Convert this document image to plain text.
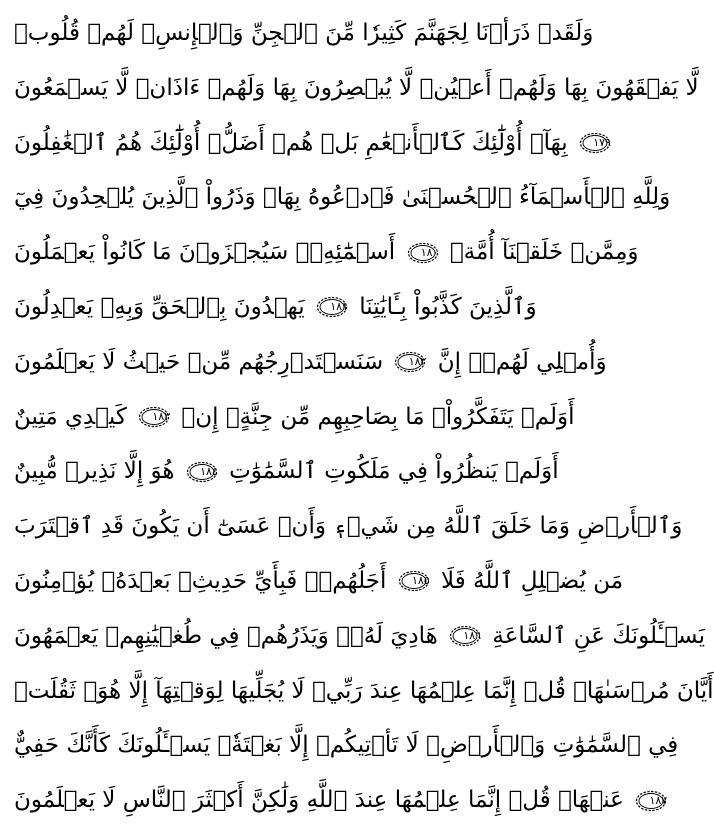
وَلَقَدۡ ذَرَأۡنَا لِجَهَنَّمَ كَثِيرٗا مِّنَ ٱلۡجِنِّ وَٱلۡإِنسِۖ لَهُمۡ قُلُوبٞ
لَّا يَفۡقَهُونَ بِهَا وَلَهُمۡ أَعۡيُنٞ لَّا يُبۡصِرُونَ بِهَا وَلَهُمۡ ءَاذَانٞ لَّا يَسۡمَعُونَ
بِهَآۚ أُوْلَٰٓئِكَ كَٱلۡأَنۡعَٰمِ بَلۡ هُمۡ أَضَلُّۚ أُوْلَٰٓئِكَ هُمُ ٱلۡغَٰفِلُونَ	١٧٩
وَلِلَّهِ ٱلۡأَسۡمَآءُ ٱلۡحُسۡنَىٰ فَٱدۡعُوهُ بِهَاۖ وَذَرُواْ ٱلَّذِينَ يُلۡحِدُونَ فِيٓ
أَسۡمَٰٓئِهِۦۚ سَيُجۡزَوۡنَ مَا كَانُواْ يَعۡمَلُونَ	١٨٠ وَمِمَّنۡ خَلَقۡنَآ أُمَّةٞ
يَهۡدُونَ بِٱلۡحَقِّ وَبِهِۦ يَعۡدِلُونَ	١٨١ وَٱلَّذِينَ كَذَّبُواْ بِـَٔايَٰتِنَا
سَنَسۡتَدۡرِجُهُم مِّنۡ حَيۡثُ لَا يَعۡلَمُونَ	١٨٢ وَأُمۡلِي لَهُمۡۚ إِنَّ
كَيۡدِي مَتِينٌ	١٨٣ أَوَلَمۡ يَتَفَكَّرُواْۗ مَا بِصَاحِبِهِم مِّن جِنَّةٍۚ إِنۡ
هُوَ إِلَّا نَذِيرٞ مُّبِينٌ	١٨٤ أَوَلَمۡ يَنظُرُواْ فِي مَلَكُوتِ ٱلسَّمَٰوَٰتِ
وَٱلۡأَرۡضِ وَمَا خَلَقَ ٱللَّهُ مِن شَيۡءٖ وَأَنۡ عَسَىٰٓ أَن يَكُونَ قَدِ ٱقۡتَرَبَ
أَجَلُهُمۡۖ فَبِأَيِّ حَدِيثِۭ بَعۡدَهُۥ يُؤۡمِنُونَ	١٨٥ مَن يُضۡلِلِ ٱللَّهُ فَلَا
هَادِيَ لَهُۥۚ وَيَذَرُهُمۡ فِي طُغۡيَٰنِهِمۡ يَعۡمَهُونَ	١٨٦ يَسۡـَٔلُونَكَ عَنِ ٱلسَّاعَةِ
أَيَّانَ مُرۡسَىٰهَاۖ قُلۡ إِنَّمَا عِلۡمُهَا عِندَ رَبِّيۖ لَا يُجَلِّيهَا لِوَقۡتِهَآ إِلَّا هُوَۚ ثَقُلَتۡ
فِي ٱلسَّمَٰوَٰتِ وَٱلۡأَرۡضِۚ لَا تَأۡتِيكُمۡ إِلَّا بَغۡتَةٗۗ يَسۡـَٔلُونَكَ كَأَنَّكَ حَفِيٌّ
عَنۡهَاۖ قُلۡ إِنَّمَا عِلۡمُهَا عِندَ ٱللَّهِ وَلَٰكِنَّ أَكۡثَرَ ٱلنَّاسِ لَا يَعۡلَمُونَ	١٨٧
